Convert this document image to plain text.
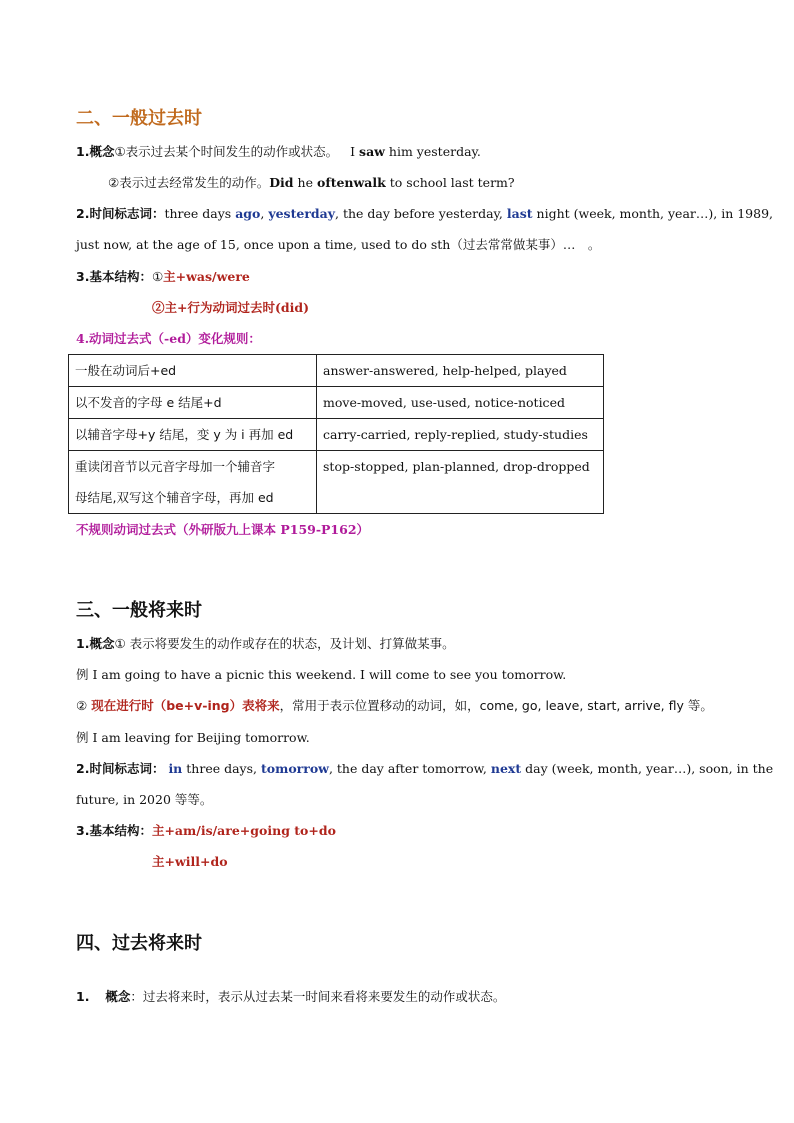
二、一般过去时
1.概念①表示过去某个时间发生的动作或状态。 I saw him yesterday.
②表示过去经常发生的动作。Did he oftenwalk to school last term?
2.时间标志词：three days ago, yesterday, the day before yesterday, last night (week, month, year…), in 1989,
just now, at the age of 15, once upon a time, used to do sth（过去常常做某事）…　。
3.基本结构：①主+was/were
②主+行为动词过去时(did)
4.动词过去式（-ed）变化规则：
一般在动词后+ed	answer-answered, help-helped, played
以不发音的字母 e 结尾+d	move-moved, use-used, notice-noticed
以辅音字母+y 结尾，变 y 为 i 再加 ed	carry-carried, reply-replied, study-studies

重读闭音节以元音字母加一个辅音字
母结尾,双写这个辅音字母，再加 ed	stop-stopped, plan-planned, drop-dropped
不规则动词过去式（外研版九上课本 P159-P162）
三、一般将来时
1.概念① 表示将要发生的动作或存在的状态，及计划、打算做某事。
例 I am going to have a picnic this weekend. I will come to see you tomorrow.
② 现在进行时（be+v-ing）表将来，常用于表示位置移动的动词，如，come, go, leave, start, arrive, fly 等。
例 I am leaving for Beijing tomorrow.
2.时间标志词： in three days, tomorrow, the day after tomorrow, next day (week, month, year…), soon, in the
future, in 2020 等等。
3.基本结构：主+am/is/are+going to+do
主+will+do
四、过去将来时
1. 概念：过去将来时，表示从过去某一时间来看将来要发生的动作或状态。
